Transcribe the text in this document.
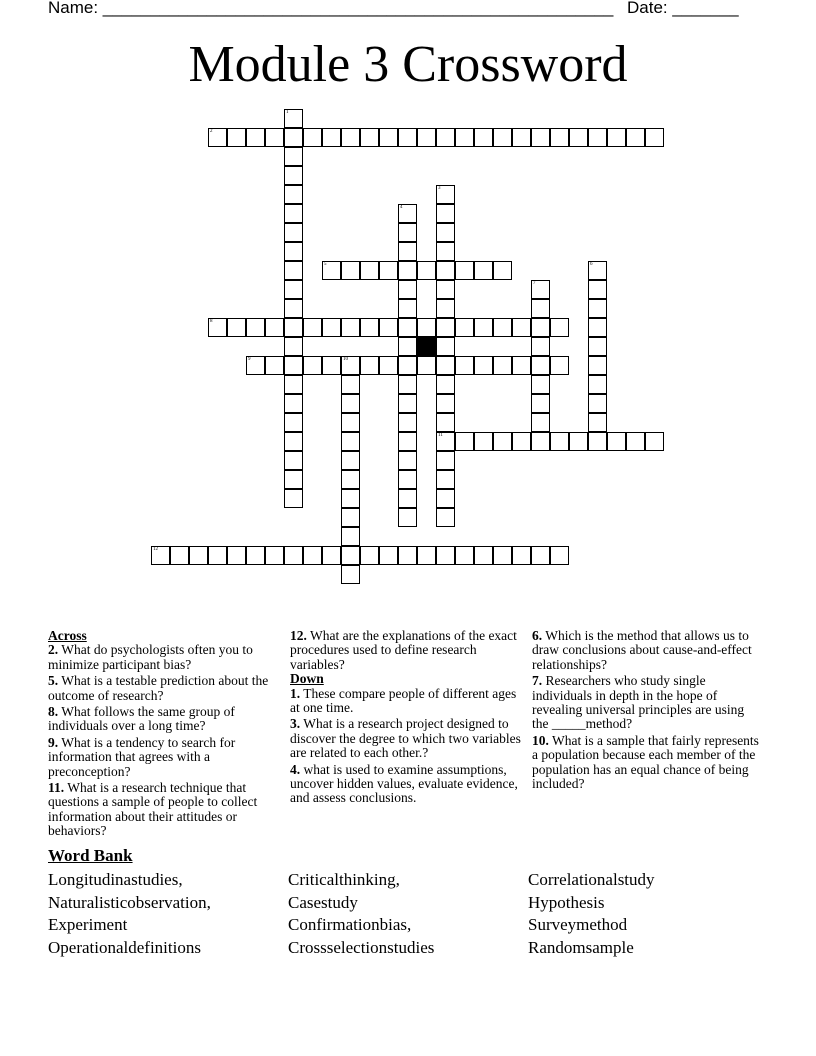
Name: ______________________________________________________ Date: _______
Module 3 Crossword
2
1
3
11
4
5	6
7
8
9	10
12
Across
2. What do psychologists often you to minimize participant bias?
5. What is a testable prediction about the outcome of research?
8. What follows the same group of individuals over a long time?
9. What is a tendency to search for information that agrees with a preconception?
11. What is a research technique that questions a sample of people to collect information about their attitudes or behaviors?
12. What are the explanations of the exact procedures used to define research variables?
Down
1. These compare people of different ages at one time.
3. What is a research project designed to discover the degree to which two variables are related to each other.?
4. what is used to examine assumptions, uncover hidden values, evaluate evidence, and assess conclusions.
6. Which is the method that allows us to draw conclusions about cause-and-effect relationships?
7. Researchers who study single individuals in depth in the hope of revealing universal principles are using the _____method?
10. What is a sample that fairly represents a population because each member of the population has an equal chance of being included?
Word Bank
Longitudinastudies,
Naturalisticobservation,
Experiment
Operationaldefinitions
Criticalthinking,
Casestudy
Confirmationbias,
Crossselectionstudies
Correlationalstudy
Hypothesis
Surveymethod
Randomsample
